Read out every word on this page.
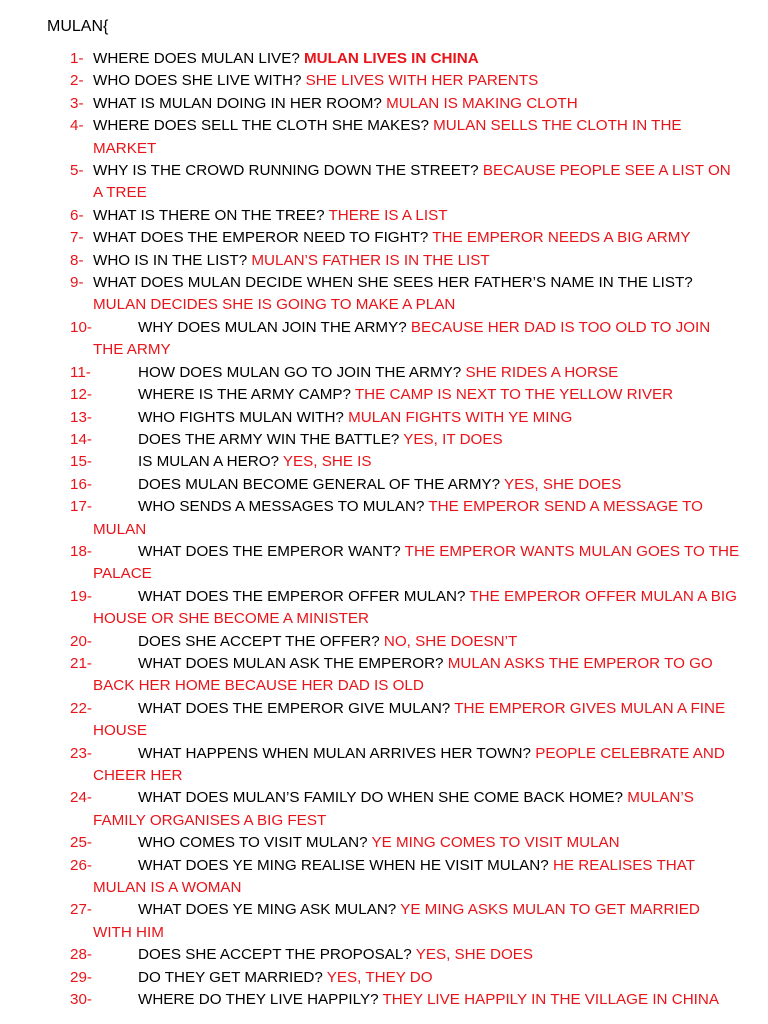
MULAN{
1- WHERE DOES MULAN LIVE? MULAN LIVES IN CHINA
2- WHO DOES SHE LIVE WITH? SHE LIVES WITH HER PARENTS
3- WHAT IS MULAN DOING IN HER ROOM? MULAN IS MAKING CLOTH
4- WHERE DOES SELL THE CLOTH SHE MAKES? MULAN SELLS THE CLOTH IN THE MARKET
5- WHY IS THE CROWD RUNNING DOWN THE STREET? BECAUSE PEOPLE SEE A LIST ON A TREE
6- WHAT IS THERE ON THE TREE? THERE IS A LIST
7- WHAT DOES THE EMPEROR NEED TO FIGHT? THE EMPEROR NEEDS A BIG ARMY
8- WHO IS IN THE LIST? MULAN’S FATHER IS IN THE LIST
9- WHAT DOES MULAN DECIDE WHEN SHE SEES HER FATHER’S NAME IN THE LIST? MULAN DECIDES SHE IS GOING TO MAKE A PLAN
10-	WHY DOES MULAN JOIN THE ARMY? BECAUSE HER DAD IS TOO OLD TO JOIN THE ARMY
11-	HOW DOES MULAN GO TO JOIN THE ARMY? SHE RIDES A HORSE
12-	WHERE IS THE ARMY CAMP? THE CAMP IS NEXT TO THE YELLOW RIVER
13-	WHO FIGHTS MULAN WITH? MULAN FIGHTS WITH YE MING
14-	DOES THE ARMY WIN THE BATTLE? YES, IT DOES
15-	IS MULAN A HERO? YES, SHE IS
16-	DOES MULAN BECOME GENERAL OF THE ARMY? YES, SHE DOES
17-	WHO SENDS A MESSAGES TO MULAN? THE EMPEROR SEND A MESSAGE TO MULAN
18-	WHAT DOES THE EMPEROR WANT? THE EMPEROR WANTS MULAN GOES TO THE PALACE
19-	WHAT DOES THE EMPEROR OFFER MULAN? THE EMPEROR OFFER MULAN A BIG HOUSE OR SHE BECOME A MINISTER
20-	DOES SHE ACCEPT THE OFFER? NO, SHE DOESN’T
21-	WHAT DOES MULAN ASK THE EMPEROR? MULAN ASKS THE EMPEROR TO GO BACK HER HOME BECAUSE HER DAD IS OLD
22-	WHAT DOES THE EMPEROR GIVE MULAN? THE EMPEROR GIVES MULAN A FINE HOUSE
23-	WHAT HAPPENS WHEN MULAN ARRIVES HER TOWN? PEOPLE CELEBRATE AND CHEER HER
24-	WHAT DOES MULAN’S FAMILY DO WHEN SHE COME BACK HOME? MULAN’S FAMILY ORGANISES A BIG FEST
25-	WHO COMES TO VISIT MULAN? YE MING COMES TO VISIT MULAN
26-	WHAT DOES YE MING REALISE WHEN HE VISIT MULAN? HE REALISES THAT MULAN IS A WOMAN
27-	WHAT DOES YE MING ASK MULAN? YE MING ASKS MULAN TO GET MARRIED WITH HIM
28-	DOES SHE ACCEPT THE PROPOSAL? YES, SHE DOES
29-	DO THEY GET MARRIED? YES, THEY DO
30-	WHERE DO THEY LIVE HAPPILY? THEY LIVE HAPPILY IN THE VILLAGE IN CHINA
